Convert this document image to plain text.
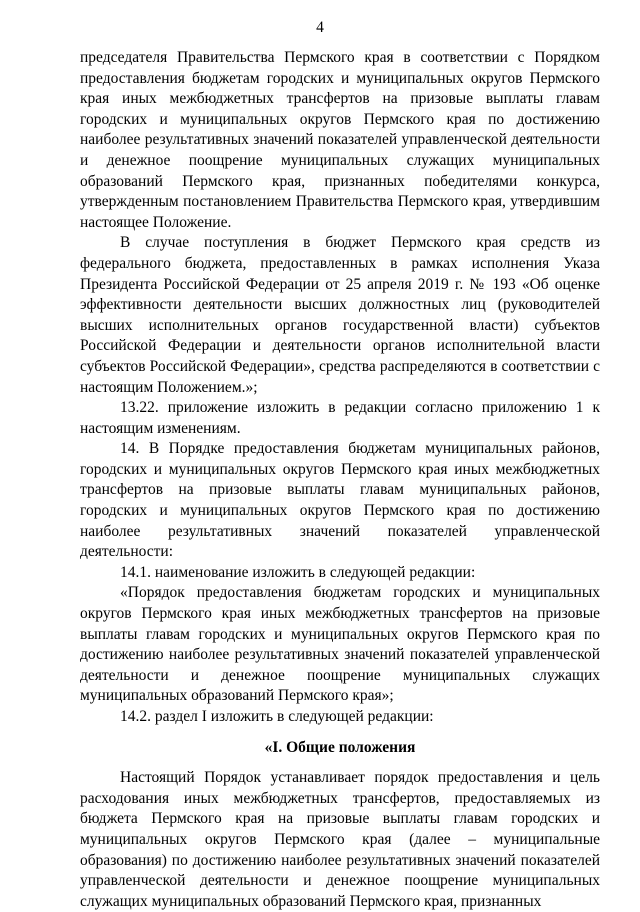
4

председателя Правительства Пермского края в соответствии с Порядком предоставления бюджетам городских и муниципальных округов Пермского края иных межбюджетных трансфертов на призовые выплаты главам городских и муниципальных округов Пермского края по достижению наиболее результативных значений показателей управленческой деятельности и денежное поощрение муниципальных служащих муниципальных образований Пермского края, признанных победителями конкурса, утвержденным постановлением Правительства Пермского края, утвердившим настоящее Положение.

В случае поступления в бюджет Пермского края средств из федерального бюджета, предоставленных в рамках исполнения Указа Президента Российской Федерации от 25 апреля 2019 г. № 193 «Об оценке эффективности деятельности высших должностных лиц (руководителей высших исполнительных органов государственной власти) субъектов Российской Федерации и деятельности органов исполнительной власти субъектов Российской Федерации», средства распределяются в соответствии с настоящим Положением.»;

13.22. приложение изложить в редакции согласно приложению 1 к настоящим изменениям.

14. В Порядке предоставления бюджетам муниципальных районов, городских и муниципальных округов Пермского края иных межбюджетных трансфертов на призовые выплаты главам муниципальных районов, городских и муниципальных округов Пермского края по достижению наиболее результативных значений показателей управленческой деятельности:

14.1. наименование изложить в следующей редакции:

«Порядок предоставления бюджетам городских и муниципальных округов Пермского края иных межбюджетных трансфертов на призовые выплаты главам городских и муниципальных округов Пермского края по достижению наиболее результативных значений показателей управленческой деятельности и денежное поощрение муниципальных служащих муниципальных образований Пермского края»;

14.2. раздел I изложить в следующей редакции:

«I. Общие положения

Настоящий Порядок устанавливает порядок предоставления и цель расходования иных межбюджетных трансфертов, предоставляемых из бюджета Пермского края на призовые выплаты главам городских и муниципальных округов Пермского края (далее – муниципальные образования) по достижению наиболее результативных значений показателей управленческой деятельности и денежное поощрение муниципальных служащих муниципальных образований Пермского края, признанных
